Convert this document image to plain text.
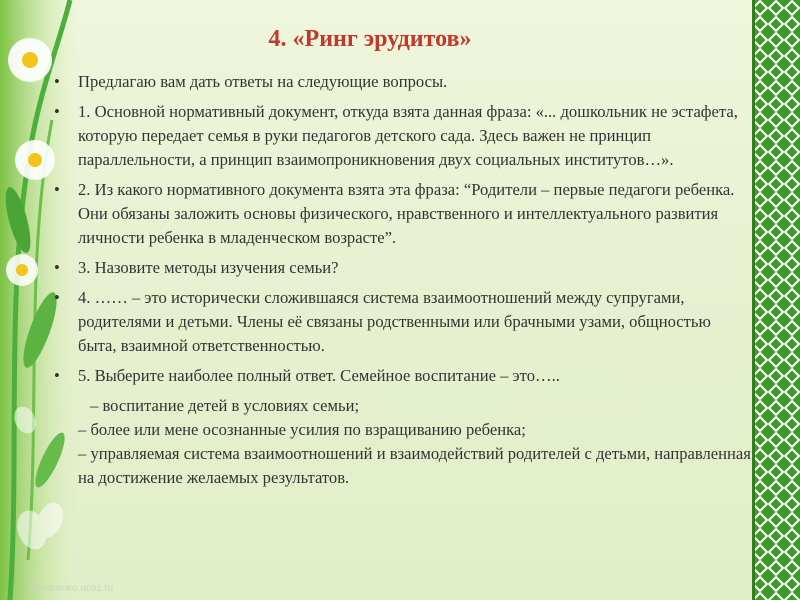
4. «Ринг эрудитов»
• Предлагаю вам дать ответы на следующие вопросы.
• 1. Основной нормативный документ, откуда взята данная фраза: «... дошкольник не эстафета, которую передает семья в руки педагогов детского сада. Здесь важен не принцип параллельности, а принцип взаимопроникновения двух социальных институтов…».
• 2. Из какого нормативного документа взята эта фраза: “Родители – первые педагоги ребенка. Они обязаны заложить основы физического, нравственного и интеллектуального развития личности ребенка в младенческом возрасте”.
• 3. Назовите методы изучения семьи?
• 4. …… – это исторически сложившаяся система взаимоотношений между супругами, родителями и детьми. Члены её связаны родственными или брачными узами, общностью быта, взаимной ответственностью.
• 5. Выберите наиболее полный ответ. Семейное воспитание – это…..
– воспитание детей в условиях семьи;
– более или мене осознанные усилия по взращиванию ребенка;
– управляемая система взаимоотношений и взаимодействий родителей с детьми, направленная на достижение желаемых результатов.
elenaranko.ucoz.ru
